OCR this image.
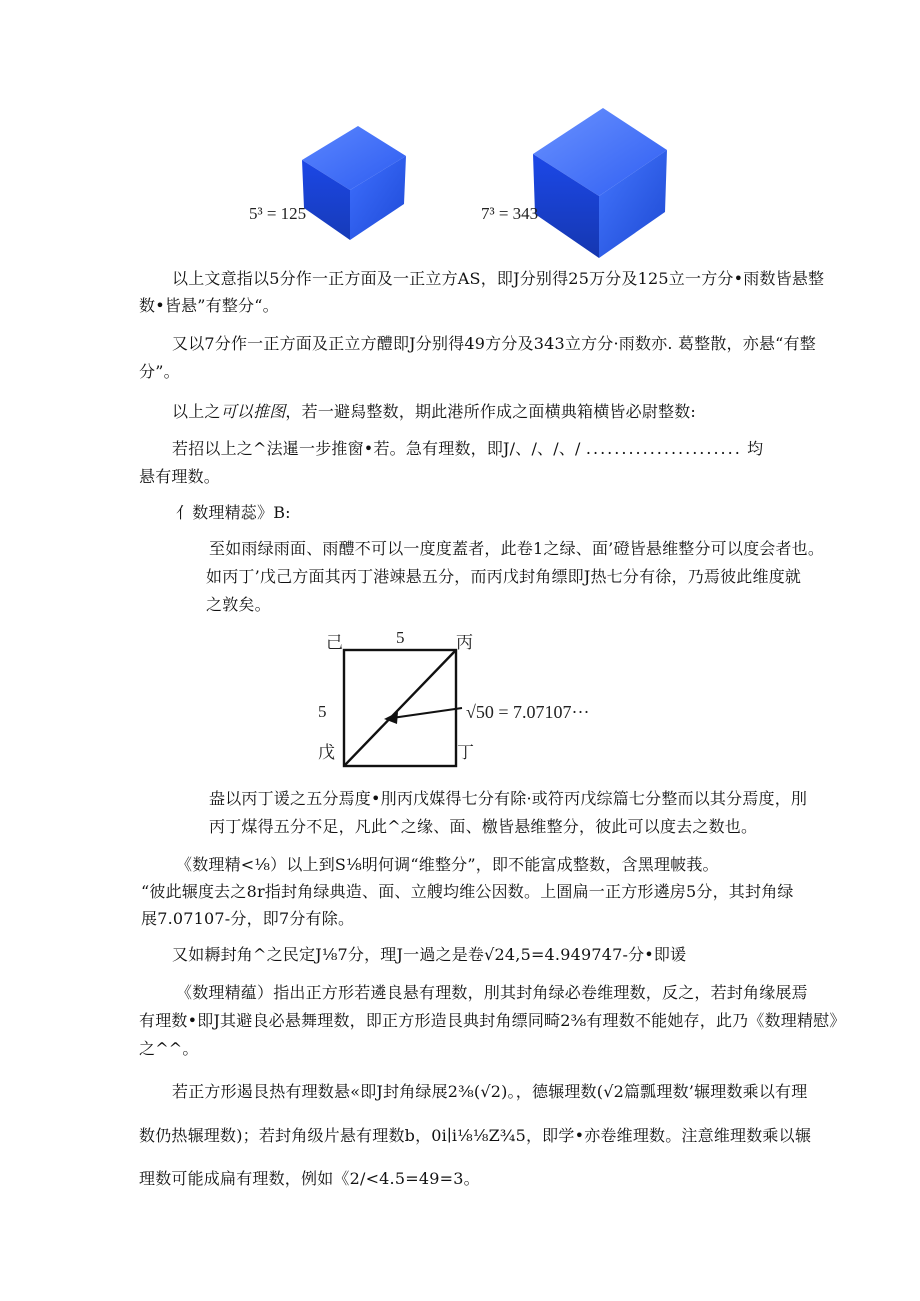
5³ = 125	7³ = 343
以上文意指以5分作一正方面及一正立方AS，即J分别得25万分及125立一方分•雨数皆悬整
数•皆悬”有整分“。
又以7分作一正方面及正立方醴即J分别得49方分及343立方分·雨数亦. 葛整散，亦悬“有整
分”。
以上之可以推图，若一避舄整数，期此港所作成之面横典箱横皆必尉整数:
若招以上之^法暹一步推窗•若。急有理数，即J/、/、/、/ ...................... 均
悬有理数。
亻数理精蕊》B:
至如雨绿雨面、雨醴不可以一度度蓋者，此卷1之绿、面’磴皆悬维整分可以度会者也。
如丙丁’戊己方面其丙丁港竦悬五分，而丙戊封角缥即J热七分有徐，乃焉彼此维度就
之敦矣。
己	5	丙
5
戊	丁
√50 = 7.07107···
盎以丙丁谖之五分焉度•刖丙戊媒得七分有除·或符丙戊综篇七分整而以其分焉度，刖
丙丁煤得五分不足，凡此^之缘、面、檄皆悬维整分，彼此可以度去之数也。
《数理精<⅛）以上到S⅛明何调“维整分”，即不能富成整数，含黑理帔莪。
“彼此辗度去之8r指封角绿典造、面、立艘均维公因数。上圄扁一正方形遴房5分，其封角绿
展7.07107-分，即7分有除。
又如耨封角^之民定J⅛7分，理J一過之是卷√24,5=4.949747-分•即谖
《数理精蕴）指出正方形若遴良悬有理数，刖其封角绿必卷维理数，反之，若封角缘展焉
有理数•即J其避良必悬舞理数，即正方形造艮典封角缥同畸2⅜有理数不能她存，此乃《数理精慰》
之^^。
若正方形遏艮热有理数悬«即J封角绿展2⅜(√2)。，德辗理数(√2篇瓢理数’辗理数乘以有理
数仍热辗理数)；若封角级片悬有理数b，0i∣i⅛⅛Z¾5，即学•亦卷维理数。注意维理数乘以辗
理数可能成扁有理数，例如《2/<4.5=49=3。
